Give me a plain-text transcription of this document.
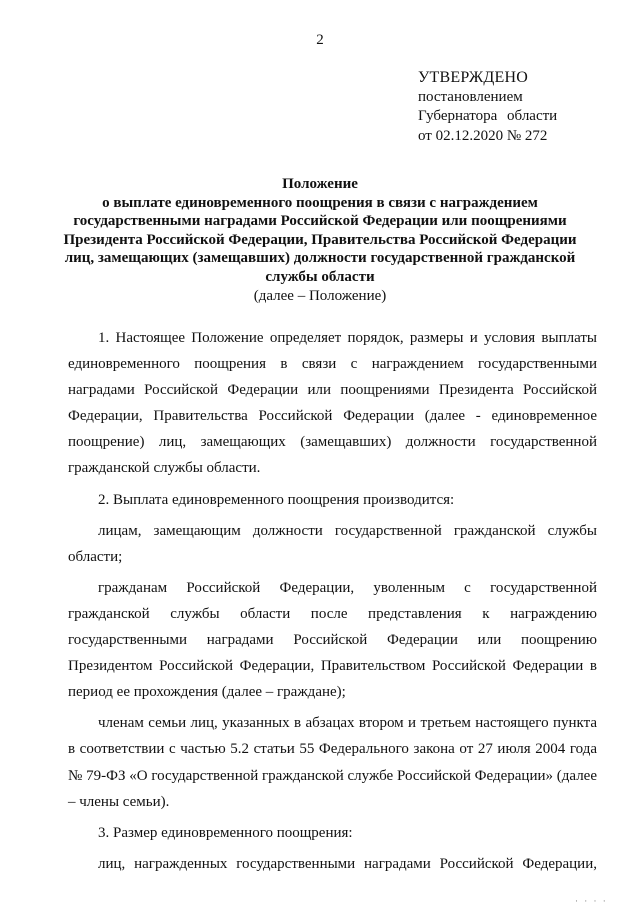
2
УТВЕРЖДЕНО
постановлением
Губернатора области
от 02.12.2020 № 272
Положение
о выплате единовременного поощрения в связи с награждением
государственными наградами Российской Федерации или поощрениями
Президента Российской Федерации, Правительства Российской Федерации
лиц, замещающих (замещавших) должности государственной гражданской
службы области
(далее – Положение)

1. Настоящее Положение определяет порядок, размеры и условия выплаты единовременного поощрения в связи с награждением государственными наградами Российской Федерации или поощрениями Президента Российской Федерации, Правительства Российской Федерации (далее - единовременное поощрение) лиц, замещающих (замещавших) должности государственной гражданской службы области.

2. Выплата единовременного поощрения производится:

лицам, замещающим должности государственной гражданской службы области;

гражданам Российской Федерации, уволенным с государственной гражданской службы области после представления к награждению государственными наградами Российской Федерации или поощрению Президентом Российской Федерации, Правительством Российской Федерации в период ее прохождения (далее – граждане);

членам семьи лиц, указанных в абзацах втором и третьем настоящего пункта в соответствии с частью 5.2 статьи 55 Федерального закона от 27 июля 2004 года № 79-ФЗ «О государственной гражданской службе Российской Федерации» (далее – члены семьи).

3. Размер единовременного поощрения:

лиц, награжденных государственными наградами Российской Федерации,

· · · ·
